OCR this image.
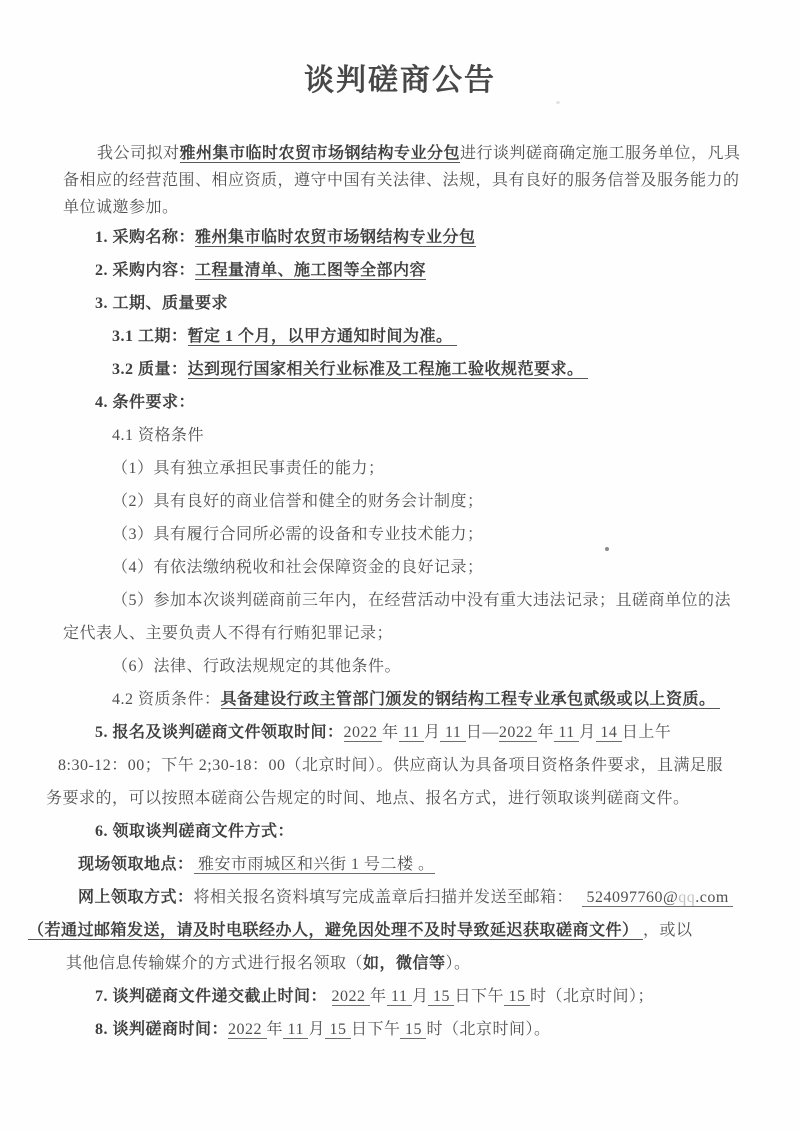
谈判磋商公告
我公司拟对雅州集市临时农贸市场钢结构专业分包进行谈判磋商确定施工服务单位，凡具
备相应的经营范围、相应资质，遵守中国有关法律、法规，具有良好的服务信誉及服务能力的
单位诚邀参加。
1. 采购名称：雅州集市临时农贸市场钢结构专业分包
2. 采购内容：工程量清单、施工图等全部内容
3. 工期、质量要求
3.1 工期：暂定 1 个月，以甲方通知时间为准。
3.2 质量：达到现行国家相关行业标准及工程施工验收规范要求。
4. 条件要求：
4.1 资格条件
（1）具有独立承担民事责任的能力；
（2）具有良好的商业信誉和健全的财务会计制度；
（3）具有履行合同所必需的设备和专业技术能力；
（4）有依法缴纳税收和社会保障资金的良好记录；
（5）参加本次谈判磋商前三年内，在经营活动中没有重大违法记录；且磋商单位的法
定代表人、主要负责人不得有行贿犯罪记录；
（6）法律、行政法规规定的其他条件。
4.2 资质条件：具备建设行政主管部门颁发的钢结构工程专业承包贰级或以上资质。
5. 报名及谈判磋商文件领取时间：2022 年 11 月 11 日—2022 年 11 月 14 日上午
8:30-12：00；下午 2;30-18：00（北京时间）。供应商认为具备项目资格条件要求，且满足服
务要求的，可以按照本磋商公告规定的时间、地点、报名方式，进行领取谈判磋商文件。
6. 领取谈判磋商文件方式：
现场领取地点： 雅安市雨城区和兴街 1 号二楼 。
网上领取方式：将相关报名资料填写完成盖章后扫描并发送至邮箱：   524097760@qq.com
（若通过邮箱发送，请及时电联经办人，避免因处理不及时导致延迟获取磋商文件） ，或以
其他信息传输媒介的方式进行报名领取（如，微信等）。
7. 谈判磋商文件递交截止时间： 2022 年 11 月 15 日下午 15 时（北京时间）；
8. 谈判磋商时间：2022 年 11 月 15 日下午 15 时（北京时间）。
